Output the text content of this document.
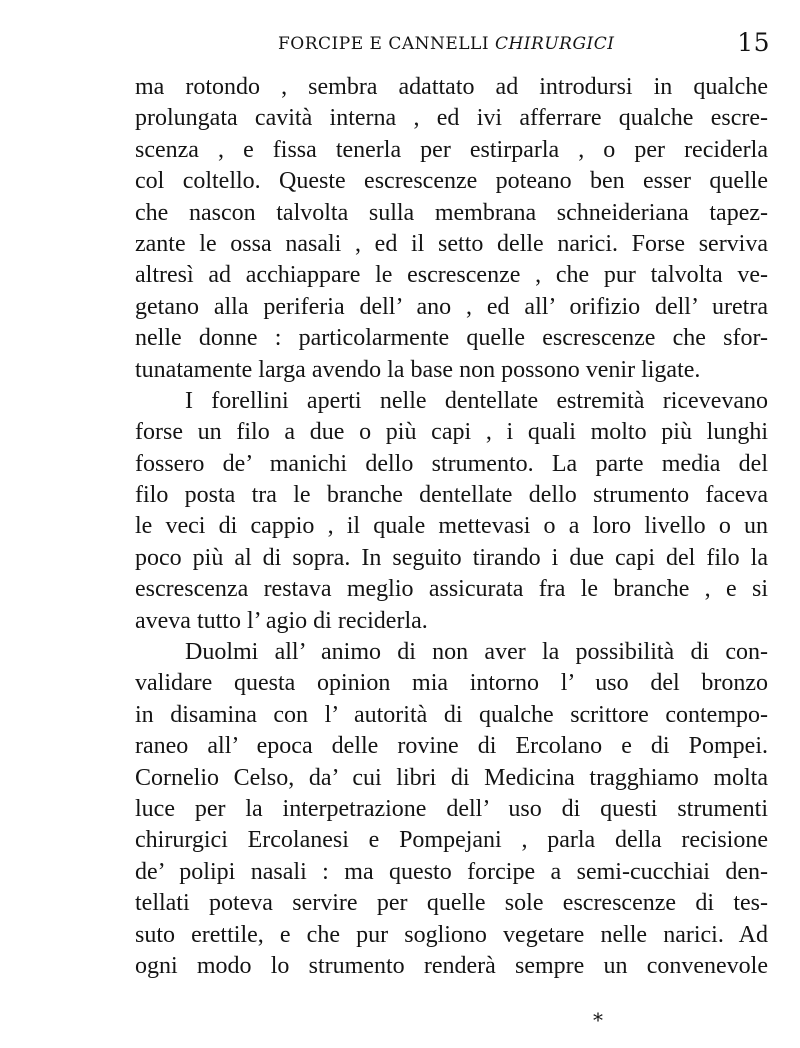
FORCIPE E CANNELLI CHIRURGICI	15
ma rotondo , sembra adattato ad introdursi in qualche
prolungata cavità interna , ed ivi afferrare qualche escre-
scenza , e fissa tenerla per estirparla , o per reciderla
col coltello. Queste escrescenze poteano ben esser quelle
che nascon talvolta sulla membrana schneideriana tapez-
zante le ossa nasali , ed il setto delle narici. Forse serviva
altresì ad acchiappare le escrescenze , che pur talvolta ve-
getano alla periferia dell’ ano , ed all’ orifizio dell’ uretra
nelle donne : particolarmente quelle escrescenze che sfor-
tunatamente larga avendo la base non possono venir ligate.
I forellini aperti nelle dentellate estremità ricevevano
forse un filo a due o più capi , i quali molto più lunghi
fossero de’ manichi dello strumento. La parte media del
filo posta tra le branche dentellate dello strumento faceva
le veci di cappio , il quale mettevasi o a loro livello o un
poco più al di sopra. In seguito tirando i due capi del filo la
escrescenza restava meglio assicurata fra le branche , e si
aveva tutto l’ agio di reciderla.
Duolmi all’ animo di non aver la possibilità di con-
validare questa opinion mia intorno l’ uso del bronzo
in disamina con l’ autorità di qualche scrittore contempo-
raneo all’ epoca delle rovine di Ercolano e di Pompei.
Cornelio Celso, da’ cui libri di Medicina tragghiamo molta
luce per la interpetrazione dell’ uso di questi strumenti
chirurgici Ercolanesi e Pompejani , parla della recisione
de’ polipi nasali : ma questo forcipe a semi-cucchiai den-
tellati poteva servire per quelle sole escrescenze di tes-
suto erettile, e che pur sogliono vegetare nelle narici. Ad
ogni modo lo strumento renderà sempre un convenevole
*
